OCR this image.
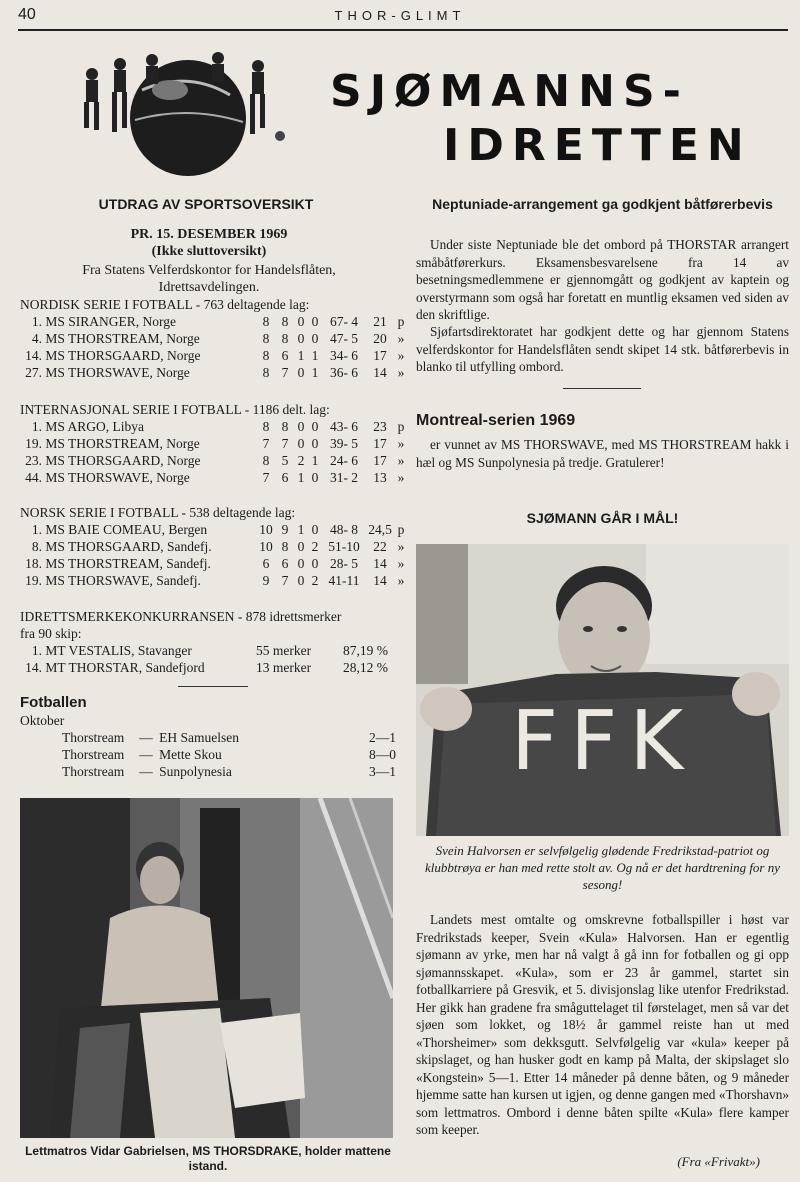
40	THOR-GLIMT
SJØMANNS-
IDRETTEN
UTDRAG AV SPORTSOVERSIKT
PR. 15. DESEMBER 1969
(Ikke sluttoversikt)
Fra Statens Velferdskontor for Handelsflåten,
Idrettsavdelingen.
NORDISK SERIE I FOTBALL - 763 deltagende lag:
1.	MS SIRANGER, Norge	8	8	0	0	67- 4	21	p
4.	MS THORSTREAM, Norge	8	8	0	0	47- 5	20	»
14.	MS THORSGAARD, Norge	8	6	1	1	34- 6	17	»
27.	MS THORSWAVE, Norge	8	7	0	1	36- 6	14	»
INTERNASJONAL SERIE I FOTBALL - 1186 delt. lag:
1.	MS ARGO, Libya	8	8	0	0	43- 6	23	p
19.	MS THORSTREAM, Norge	7	7	0	0	39- 5	17	»
23.	MS THORSGAARD, Norge	8	5	2	1	24- 6	17	»
44.	MS THORSWAVE, Norge	7	6	1	0	31- 2	13	»
NORSK SERIE I FOTBALL - 538 deltagende lag:
1.	MS BAIE COMEAU, Bergen	10	9	1	0	48- 8	24,5	p
8.	MS THORSGAARD, Sandefj.	10	8	0	2	51-10	22	»
18.	MS THORSTREAM, Sandefj.	6	6	0	0	28- 5	14	»
19.	MS THORSWAVE, Sandefj.	9	7	0	2	41-11	14	»
IDRETTSMERKEKONKURRANSEN - 878 idrettsmerker
fra 90 skip:
1.	MT VESTALIS, Stavanger	55 merker	87,19 %
14.	MT THORSTAR, Sandefjord	13 merker	28,12 %
Fotballen
Oktober
Thorstream	—	EH Samuelsen	2—1
Thorstream	—	Mette Skou	8—0
Thorstream	—	Sunpolynesia	3—1
Lettmatros Vidar Gabrielsen, MS THORSDRAKE, holder mattene istand.
Neptuniade-arrangement ga godkjent båtførerbevis
Under siste Neptuniade ble det ombord på THORSTAR arrangert småbåtførerkurs. Eksamensbesvarelsene fra 14 av besetningsmedlemmene er gjennomgått og godkjent av kaptein og overstyrmann som også har foretatt en muntlig eksamen ved siden av den skriftlige.
Sjøfartsdirektoratet har godkjent dette og har gjennom Statens velferdskontor for Handelsflåten sendt skipet 14 stk. båtførerbevis in blanko til utfylling ombord.
Montreal-serien 1969
er vunnet av MS THORSWAVE, med MS THORSTREAM hakk i hæl og MS Sunpolynesia på tredje. Gratulerer!
SJØMANN GÅR I MÅL!
FFK
Svein Halvorsen er selvfølgelig glødende Fredrikstad-patriot og klubbtrøya er han med rette stolt av. Og nå er det hardtrening for ny sesong!
Landets mest omtalte og omskrevne fotballspiller i høst var Fredrikstads keeper, Svein «Kula» Halvorsen. Han er egentlig sjømann av yrke, men har nå valgt å gå inn for fotballen og gi opp sjømannsskapet. «Kula», som er 23 år gammel, startet sin fotballkarriere på Gresvik, et 5. divisjonslag like utenfor Fredrikstad. Her gikk han gradene fra småguttelaget til førstelaget, men så var det sjøen som lokket, og 18½ år gammel reiste han ut med «Thorsheimer» som dekksgutt. Selvfølgelig var «kula» keeper på skipslaget, og han husker godt en kamp på Malta, der skipslaget slo «Kongstein» 5—1. Etter 14 måneder på denne båten, og 9 måneder hjemme satte han kursen ut igjen, og denne gangen med «Thorshavn» som lettmatros. Ombord i denne båten spilte «Kula» flere kamper som keeper.
(Fra «Frivakt»)
